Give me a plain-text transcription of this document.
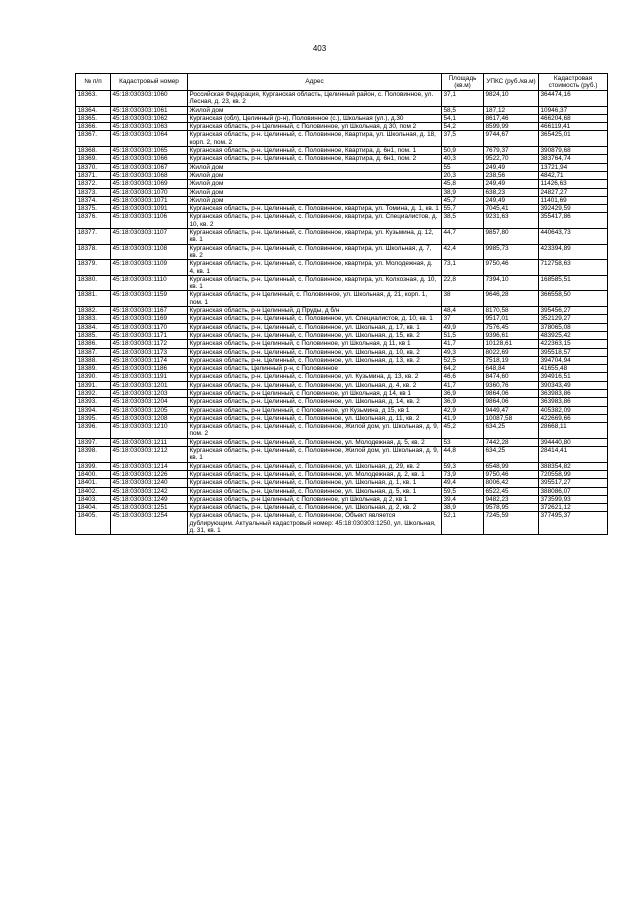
403
№ п/п	Кадастровый номер	Адрес	Площадь (кв.м)	УПКС (руб./кв.м)	Кадастровая стоимость (руб.)
18363.	45:18:030303:1060	Российская Федерация, Курганская область, Целинный район, с. Половинное, ул. Лесная, д. 23, кв. 2	37,1	9824,10	364474,16
18364.	45:18:030303:1061	Жилой дом	58,5	187,12	10946,37
18365.	45:18:030303:1062	Курганская (обл), Целинный (р-н), Половинное (с.), Школьная (ул.), д.30	54,1	8617,46	466204,68
18366.	45:18:030303:1063	Курганская область, р-н Целинный, с Половинное, ул Школьная, д 30, пом 2	54,2	8599,99	466119,41
18367.	45:18:030303:1064	Курганская область, р-н. Целинный, с. Половинное, Квартира, ул. Школьная, д. 18, корп. 2, пом. 2	37,5	9744,67	365425,01
18368.	45:18:030303:1065	Курганская область, р-н. Целинный, с. Половинное, Квартира, д. 6н1, пом. 1	50,9	7679,37	390879,68
18369.	45:18:030303:1066	Курганская область, р-н. Целинный, с. Половинное, Квартира, д. 6н1, пом. 2	40,3	9522,70	383764,74
18370.	45:18:030303:1067	Жилой дом	55	249,49	13721,94
18371.	45:18:030303:1068	Жилой дом	20,3	238,56	4842,71
18372.	45:18:030303:1069	Жилой дом	45,8	249,49	11426,63
18373.	45:18:030303:1070	Жилой дом	38,9	638,23	24827,27
18374.	45:18:030303:1071	Жилой дом	45,7	249,49	11401,69
18375.	45:18:030303:1091	Курганская область, р-н. Целинный, с. Половинное, квартира, ул. Томина, д. 1, кв. 1	55,7	7045,41	392429,59
18376.	45:18:030303:1106	Курганская область, р-н. Целинный, с. Половинное, квартира, ул. Специалистов, д. 10, кв. 2	38,5	9231,63	355417,86
18377.	45:18:030303:1107	Курганская область, р-н. Целинный, с. Половинное, квартира, ул. Кузьмина, д. 12, кв. 1	44,7	9857,80	440643,73
18378.	45:18:030303:1108	Курганская область, р-н. Целинный, с. Половинное, квартира, ул. Школьная, д. 7, кв. 2	42,4	9985,73	423394,89
18379.	45:18:030303:1109	Курганская область, р-н. Целинный, с. Половинное, квартира, ул. Молодежная, д. 4, кв. 1	73,1	9750,46	712758,63
18380.	45:18:030303:1110	Курганская область, р-н. Целинный, с. Половинное, квартира, ул. Колхозная, д. 10, кв. 1	22,8	7394,10	168585,51
18381.	45:18:030303:1159	Курганская область, р-н Целинный, с. Половинное, ул. Школьная, д. 21, корп. 1, пом. 1	38	9646,28	366558,50
18382.	45:18:030303:1167	Курганская область, р-н Целинный, д Пруды, д б/н	48,4	8170,58	395456,27
18383.	45:18:030303:1169	Курганская область, р-н. Целинный, с. Половинное, ул. Специалистов, д. 10, кв. 1	37	9517,01	352129,27
18384.	45:18:030303:1170	Курганская область, р-н. Целинный, с. Половинное, ул. Школьная, д. 17, кв. 1	49,9	7576,45	378065,08
18385.	45:18:030303:1171	Курганская область, р-н. Целинный, с. Половинное, ул. Школьная, д. 15, кв. 2	51,5	9396,61	483925,42
18386.	45:18:030303:1172	Курганская область, р-н Целинный, с Половинное, ул Школьная, д 11, кв 1	41,7	10128,61	422363,15
18387.	45:18:030303:1173	Курганская область, р-н. Целинный, с. Половинное, ул. Школьная, д. 10, кв. 2	49,3	8022,69	395518,57
18388.	45:18:030303:1174	Курганская область, р-н. Целинный, с. Половинное, ул. Школьная, д. 13, кв. 2	52,5	7518,19	394704,94
18389.	45:18:030303:1186	Курганская область, Целинный р-н, с Половинное	64,2	648,84	41655,48
18390.	45:18:030303:1191	Курганская область, р-н. Целинный, с. Половинное, ул. Кузьмина, д. 13, кв. 2	46,6	8474,60	394916,51
18391.	45:18:030303:1201	Курганская область, р-н. Целинный, с. Половинное, ул. Школьная, д. 4, кв. 2	41,7	9360,76	390343,49
18392.	45:18:030303:1203	Курганская область, р-н Целинный, с Половинное, ул Школьная, д 14, кв 1	36,9	9864,06	363983,86
18393.	45:18:030303:1204	Курганская область, р-н. Целинный, с. Половинное, ул. Школьная, д. 14, кв. 2	36,9	9864,06	363983,86
18394.	45:18:030303:1205	Курганская область, р-н Целинный, с Половинное, ул Кузьмина, д 15, кв 1	42,9	9449,47	405382,09
18395.	45:18:030303:1208	Курганская область, р-н. Целинный, с. Половинное, ул. Школьная, д. 11, кв. 2	41,9	10087,58	422669,66
18396.	45:18:030303:1210	Курганская область, р-н. Целинный, с. Половинное, Жилой дом, ул. Школьная, д. 9, пом. 2	45,2	634,25	28668,11
18397.	45:18:030303:1211	Курганская область, р-н. Целинный, с. Половинное, ул. Молодежная, д. 5, кв. 2	53	7442,28	394440,80
18398.	45:18:030303:1212	Курганская область, р-н. Целинный, с. Половинное, Жилой дом, ул. Школьная, д. 9, кв. 1	44,8	634,25	28414,41
18399.	45:18:030303:1214	Курганская область, р-н. Целинный, с. Половинное, ул. Школьная, д. 29, кв. 2	59,3	6548,99	388354,82
18400.	45:18:030303:1226	Курганская область, р-н. Целинный, с. Половинное, ул. Молодежная, д. 2, кв. 1	73,9	9750,46	720558,99
18401.	45:18:030303:1240	Курганская область, р-н. Целинный, с. Половинное, ул. Школьная, д. 1, кв. 1	49,4	8006,42	395517,27
18402.	45:18:030303:1242	Курганская область, р-н. Целинный, с. Половинное, ул. Школьная, д. 5, кв. 1	59,5	6522,45	388086,07
18403.	45:18:030303:1249	Курганская область, р-н Целинный, с Половинное, ул Школьная, д 2, кв 1	39,4	9482,23	373599,93
18404.	45:18:030303:1251	Курганская область, р-н. Целинный, с. Половинное, ул. Школьная, д. 2, кв. 2	38,9	9578,95	372621,12
18405.	45:18:030303:1254	Курганская область, р-н. Целинный, с. Половинное, Объект является дублирующим. Актуальный кадастровый номер: 45:18:030303:1250, ул. Школьная, д. 31, кв. 1	52,1	7245,59	377495,37
